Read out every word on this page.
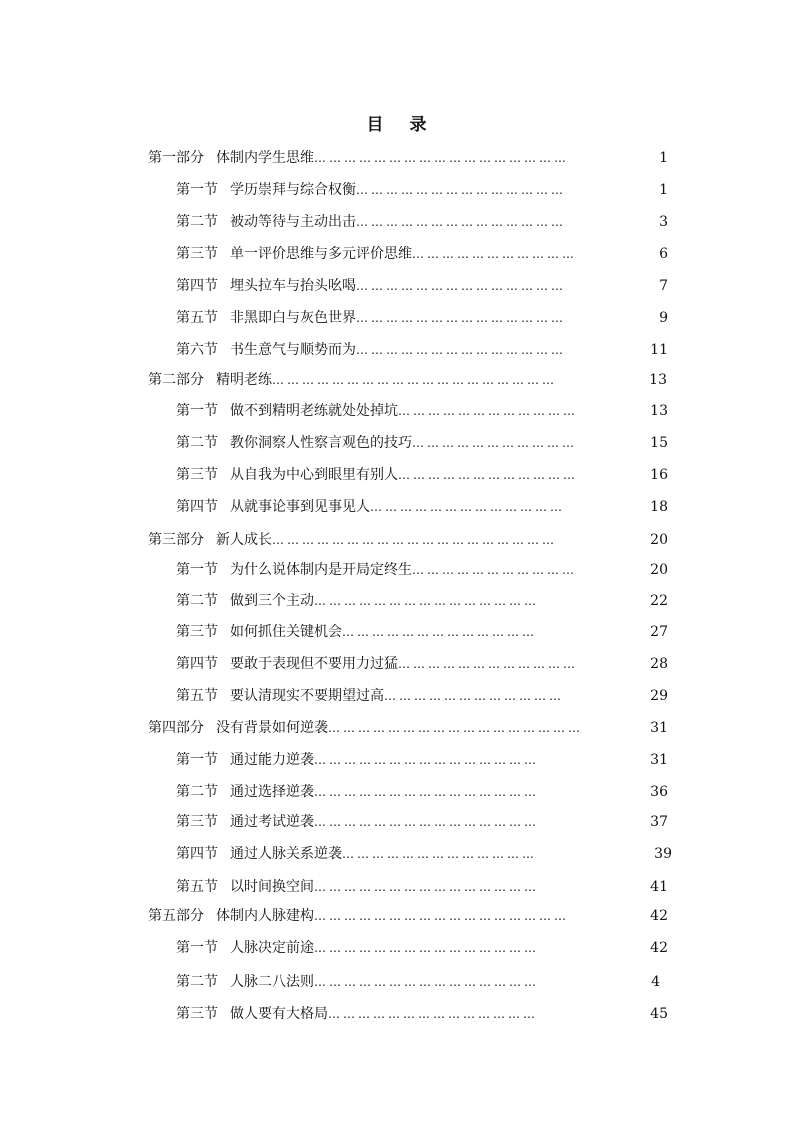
目 录
第一部分 体制内学生思维……………………………………………	1
第一节 学历崇拜与综合权衡……………………………………	1
第二节 被动等待与主动出击……………………………………	3
第三节 单一评价思维与多元评价思维……………………………	6
第四节 埋头拉车与抬头吆喝……………………………………	7
第五节 非黑即白与灰色世界……………………………………	9
第六节 书生意气与顺势而为……………………………………	11
第二部分 精明老练…………………………………………………	13
第一节 做不到精明老练就处处掉坑………………………………	13
第二节 教你洞察人性察言观色的技巧……………………………	15
第三节 从自我为中心到眼里有别人………………………………	16
第四节 从就事论事到见事见人…………………………………	18
第三部分 新人成长…………………………………………………	20
第一节 为什么说体制内是开局定终生……………………………	20
第二节 做到三个主动………………………………………	22
第三节 如何抓住关键机会…………………………………	27
第四节 要敢于表现但不要用力过猛………………………………	28
第五节 要认清现实不要期望过高………………………………	29
第四部分 没有背景如何逆袭……………………………………………	31
第一节 通过能力逆袭………………………………………	31
第二节 通过选择逆袭………………………………………	36
第三节 通过考试逆袭………………………………………	37
第四节 通过人脉关系逆袭…………………………………	39
第五节 以时间换空间………………………………………	41
第五部分 体制内人脉建构……………………………………………	42
第一节 人脉决定前途………………………………………	42
第二节 人脉二八法则………………………………………	4
第三节 做人要有大格局……………………………………	45
